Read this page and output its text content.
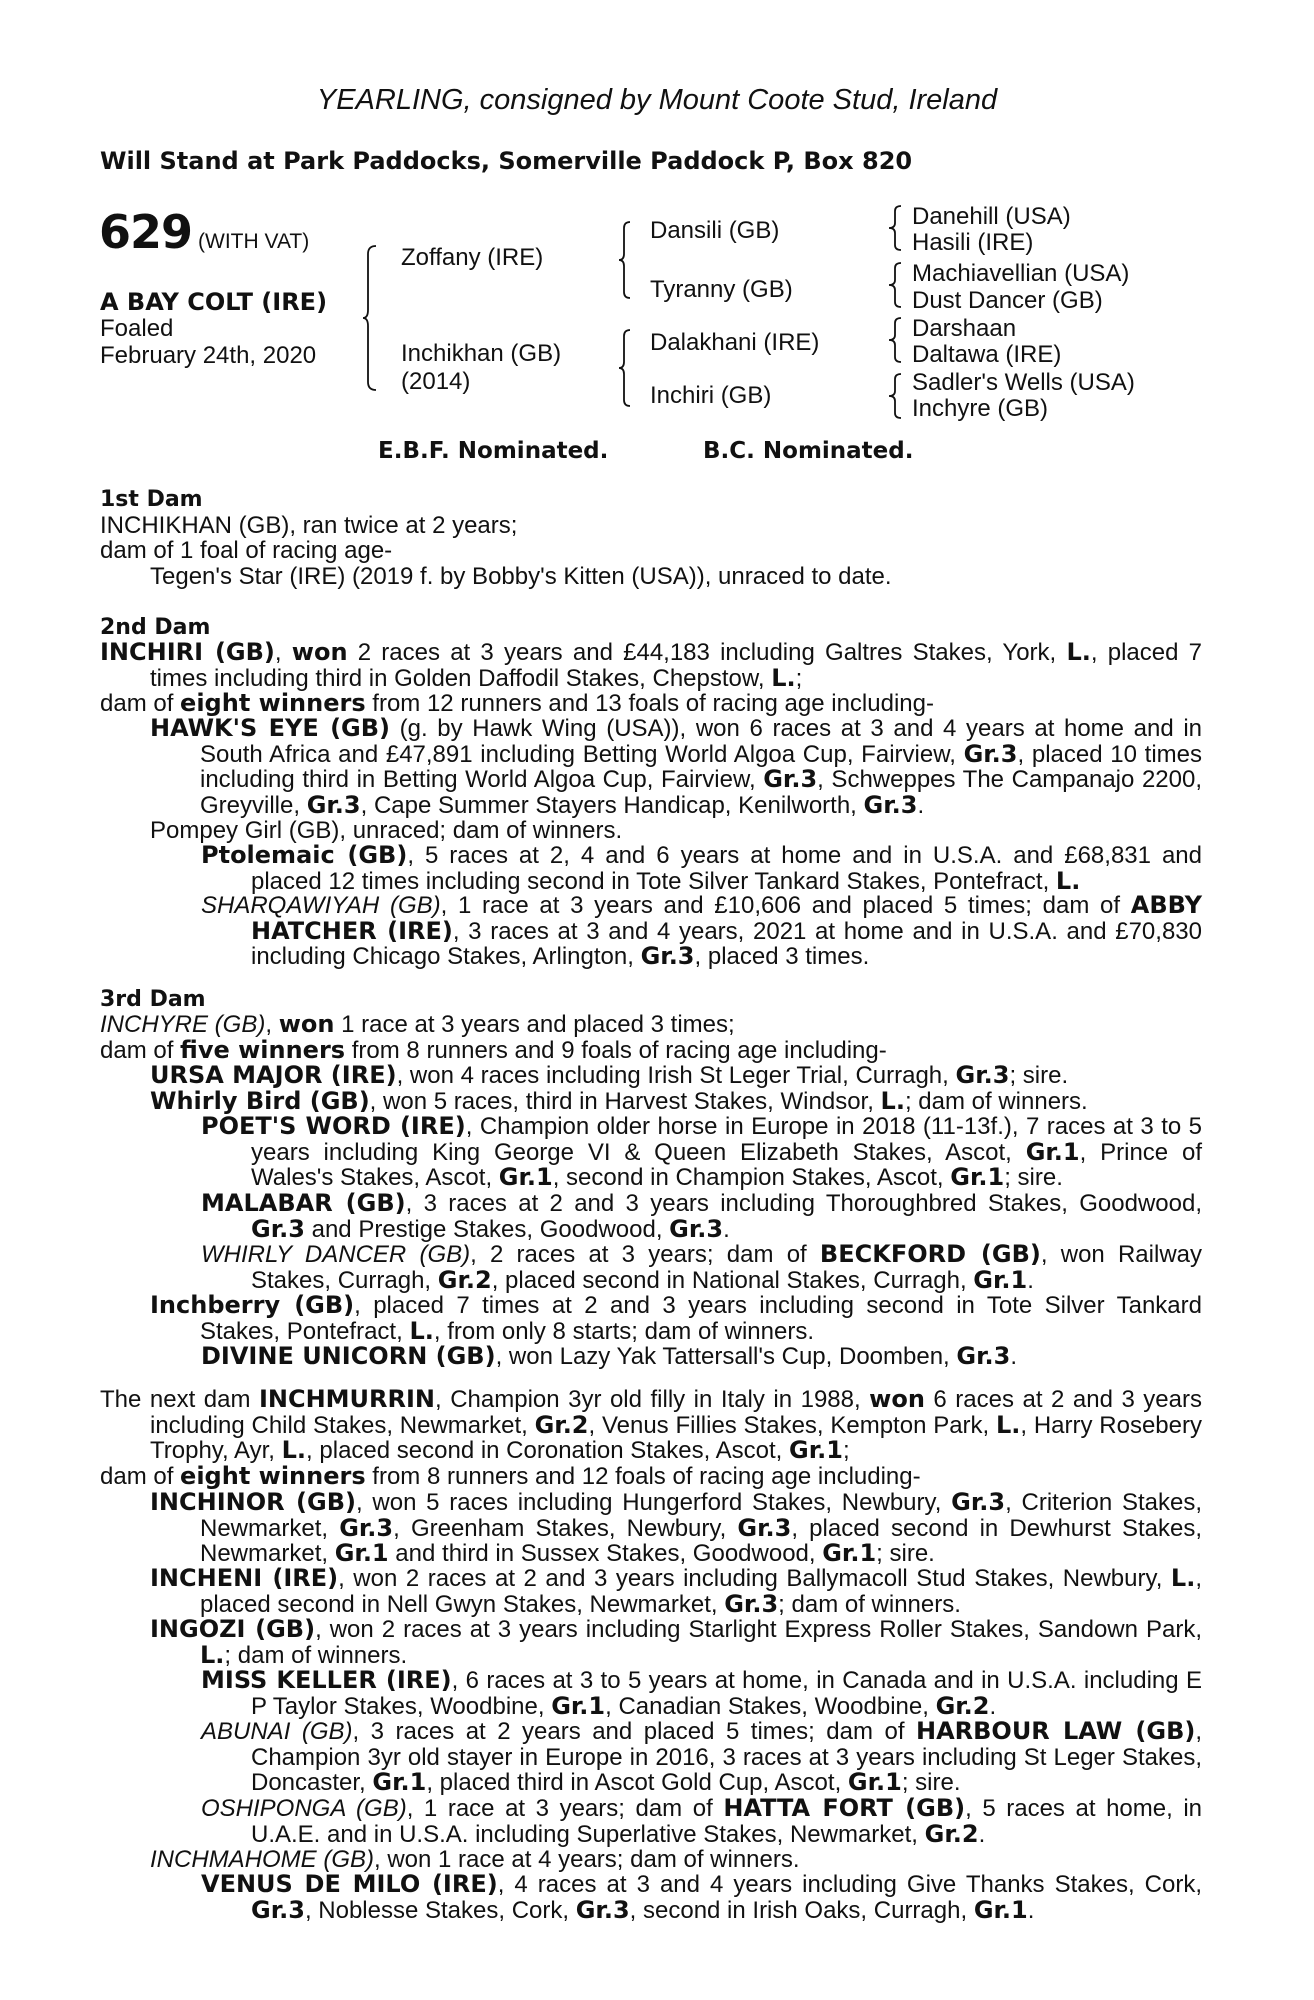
YEARLING, consigned by Mount Coote Stud, Ireland
Will Stand at Park Paddocks, Somerville Paddock P, Box 820
629 (WITH VAT)
A BAY COLT (IRE)
Foaled
February 24th, 2020
Zoffany (IRE)
Inchikhan (GB)
(2014)
Dansili (GB)
Tyranny (GB)
Dalakhani (IRE)
Inchiri (GB)
Danehill (USA)
Hasili (IRE)
Machiavellian (USA)
Dust Dancer (GB)
Darshaan
Daltawa (IRE)
Sadler's Wells (USA)
Inchyre (GB)
E.B.F. Nominated.	B.C. Nominated.
1st Dam
INCHIKHAN (GB), ran twice at 2 years;
dam of 1 foal of racing age-
Tegen's Star (IRE) (2019 f. by Bobby's Kitten (USA)), unraced to date.
2nd Dam
INCHIRI (GB), won 2 races at 3 years and £44,183 including Galtres Stakes, York, L., placed 7 times including third in Golden Daffodil Stakes, Chepstow, L.;
dam of eight winners from 12 runners and 13 foals of racing age including-
HAWK'S EYE (GB) (g. by Hawk Wing (USA)), won 6 races at 3 and 4 years at home and in South Africa and £47,891 including Betting World Algoa Cup, Fairview, Gr.3, placed 10 times including third in Betting World Algoa Cup, Fairview, Gr.3, Schweppes The Campanajo 2200, Greyville, Gr.3, Cape Summer Stayers Handicap, Kenilworth, Gr.3.
Pompey Girl (GB), unraced; dam of winners.
Ptolemaic (GB), 5 races at 2, 4 and 6 years at home and in U.S.A. and £68,831 and placed 12 times including second in Tote Silver Tankard Stakes, Pontefract, L.
SHARQAWIYAH (GB), 1 race at 3 years and £10,606 and placed 5 times; dam of ABBY HATCHER (IRE), 3 races at 3 and 4 years, 2021 at home and in U.S.A. and £70,830 including Chicago Stakes, Arlington, Gr.3, placed 3 times.
3rd Dam
INCHYRE (GB), won 1 race at 3 years and placed 3 times;
dam of five winners from 8 runners and 9 foals of racing age including-
URSA MAJOR (IRE), won 4 races including Irish St Leger Trial, Curragh, Gr.3; sire.
Whirly Bird (GB), won 5 races, third in Harvest Stakes, Windsor, L.; dam of winners.
POET'S WORD (IRE), Champion older horse in Europe in 2018 (11-13f.), 7 races at 3 to 5 years including King George VI & Queen Elizabeth Stakes, Ascot, Gr.1, Prince of Wales's Stakes, Ascot, Gr.1, second in Champion Stakes, Ascot, Gr.1; sire.
MALABAR (GB), 3 races at 2 and 3 years including Thoroughbred Stakes, Goodwood, Gr.3 and Prestige Stakes, Goodwood, Gr.3.
WHIRLY DANCER (GB), 2 races at 3 years; dam of BECKFORD (GB), won Railway Stakes, Curragh, Gr.2, placed second in National Stakes, Curragh, Gr.1.
Inchberry (GB), placed 7 times at 2 and 3 years including second in Tote Silver Tankard Stakes, Pontefract, L., from only 8 starts; dam of winners.
DIVINE UNICORN (GB), won Lazy Yak Tattersall's Cup, Doomben, Gr.3.
The next dam INCHMURRIN, Champion 3yr old filly in Italy in 1988, won 6 races at 2 and 3 years including Child Stakes, Newmarket, Gr.2, Venus Fillies Stakes, Kempton Park, L., Harry Rosebery Trophy, Ayr, L., placed second in Coronation Stakes, Ascot, Gr.1;
dam of eight winners from 8 runners and 12 foals of racing age including-
INCHINOR (GB), won 5 races including Hungerford Stakes, Newbury, Gr.3, Criterion Stakes, Newmarket, Gr.3, Greenham Stakes, Newbury, Gr.3, placed second in Dewhurst Stakes, Newmarket, Gr.1 and third in Sussex Stakes, Goodwood, Gr.1; sire.
INCHENI (IRE), won 2 races at 2 and 3 years including Ballymacoll Stud Stakes, Newbury, L., placed second in Nell Gwyn Stakes, Newmarket, Gr.3; dam of winners.
INGOZI (GB), won 2 races at 3 years including Starlight Express Roller Stakes, Sandown Park, L.; dam of winners.
MISS KELLER (IRE), 6 races at 3 to 5 years at home, in Canada and in U.S.A. including E P Taylor Stakes, Woodbine, Gr.1, Canadian Stakes, Woodbine, Gr.2.
ABUNAI (GB), 3 races at 2 years and placed 5 times; dam of HARBOUR LAW (GB), Champion 3yr old stayer in Europe in 2016, 3 races at 3 years including St Leger Stakes, Doncaster, Gr.1, placed third in Ascot Gold Cup, Ascot, Gr.1; sire.
OSHIPONGA (GB), 1 race at 3 years; dam of HATTA FORT (GB), 5 races at home, in U.A.E. and in U.S.A. including Superlative Stakes, Newmarket, Gr.2.
INCHMAHOME (GB), won 1 race at 4 years; dam of winners.
VENUS DE MILO (IRE), 4 races at 3 and 4 years including Give Thanks Stakes, Cork, Gr.3, Noblesse Stakes, Cork, Gr.3, second in Irish Oaks, Curragh, Gr.1.
